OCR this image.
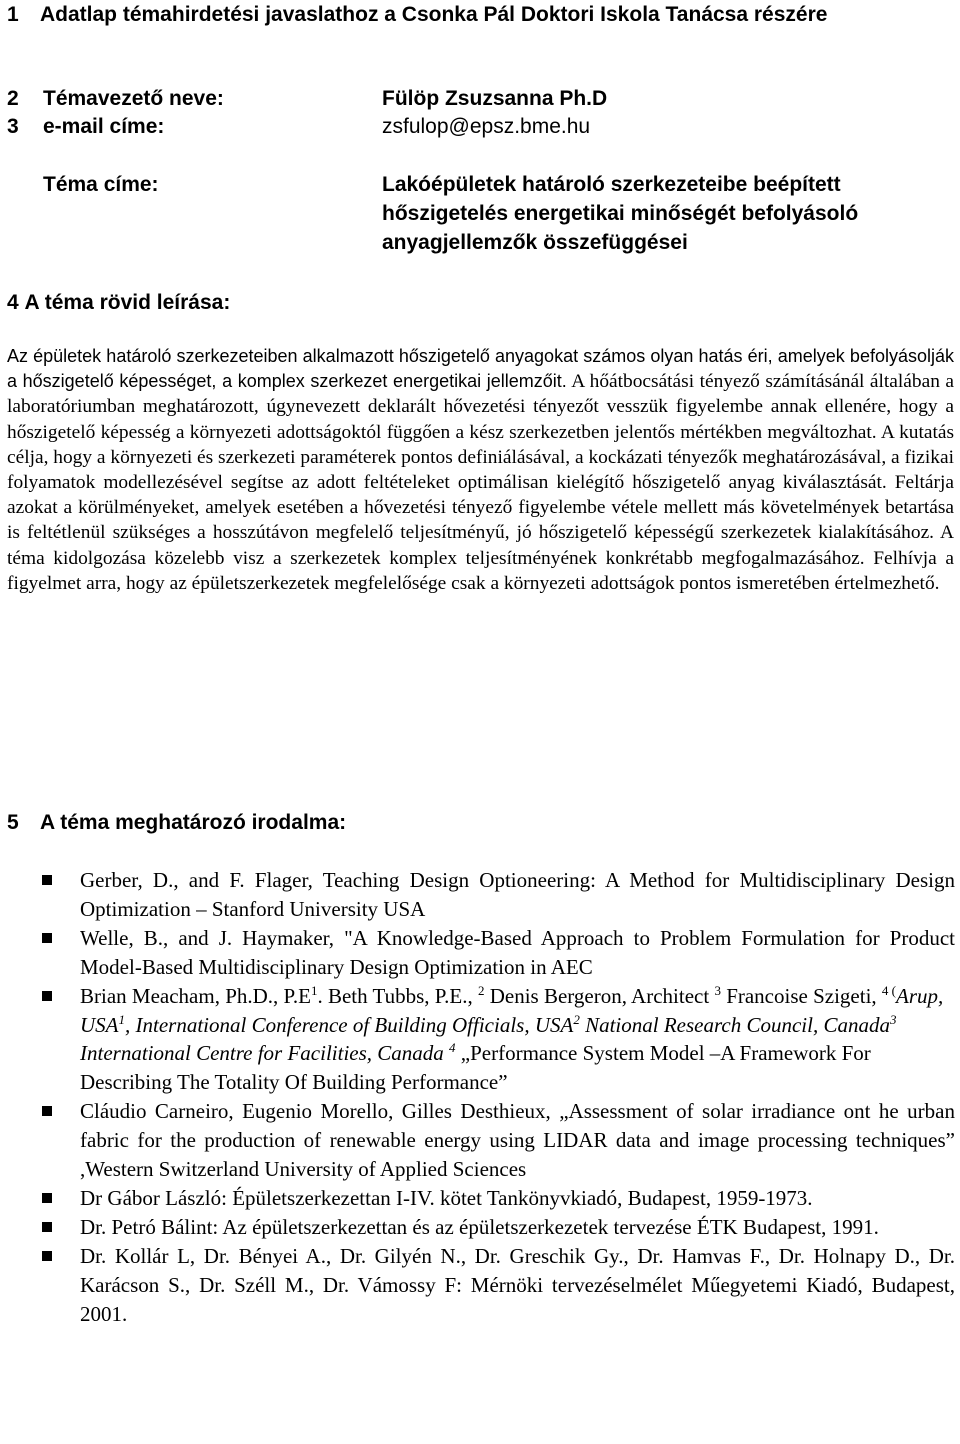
1 Adatlap témahirdetési javaslathoz a Csonka Pál Doktori Iskola Tanácsa részére
2 Témavezető neve:	Fülöp Zsuzsanna Ph.D
3 e-mail címe:	zsfulop@epsz.bme.hu
Téma címe:	Lakóépületek határoló szerkezeteibe beépített
hőszigetelés energetikai minőségét befolyásoló
anyagjellemzők összefüggései
4 A téma rövid leírása:
Az épületek határoló szerkezeteiben alkalmazott hőszigetelő anyagokat számos olyan hatás éri, amelyek befolyásolják a hőszigetelő képességet, a komplex szerkezet energetikai jellemzőit. A hőátbocsátási tényező számításánál általában a laboratóriumban meghatározott, úgynevezett deklarált hővezetési tényezőt vesszük figyelembe annak ellenére, hogy a hőszigetelő képesség a környezeti adottságoktól függően a kész szerkezetben jelentős mértékben megváltozhat. A kutatás célja, hogy a környezeti és szerkezeti paraméterek pontos definiálásával, a kockázati tényezők meghatározásával, a fizikai folyamatok modellezésével segítse az adott feltételeket optimálisan kielégítő hőszigetelő anyag kiválasztását. Feltárja azokat a körülményeket, amelyek esetében a hővezetési tényező figyelembe vétele mellett más követelmények betartása is feltétlenül szükséges a hosszútávon megfelelő teljesítményű, jó hőszigetelő képességű szerkezetek kialakításához. A téma kidolgozása közelebb visz a szerkezetek komplex teljesítményének konkrétabb megfogalmazásához. Felhívja a figyelmet arra, hogy az épületszerkezetek megfelelősége csak a környezeti adottságok pontos ismeretében értelmezhető.
5 A téma meghatározó irodalma:
Gerber, D., and F. Flager, Teaching Design Optioneering: A Method for Multidisciplinary Design Optimization – Stanford University USA
Welle, B., and J. Haymaker, "A Knowledge-Based Approach to Problem Formulation for Product Model-Based Multidisciplinary Design Optimization in AEC
Brian Meacham, Ph.D., $P.E^1$. Beth Tubbs, P.E., $^2$ Denis Bergeron, Architect $^3$ Francoise Szigeti, $^{4 (}$Arup, USA$^1$, International Conference of Building Officials, USA$^2$ National Research Council, Canada$^3$ International Centre for Facilities, Canada $^4$ „Performance System Model –A Framework For Describing The Totality Of Building Performance”
Cláudio Carneiro, Eugenio Morello, Gilles Desthieux, „Assessment of solar irradiance ont he urban fabric for the production of renewable energy using LIDAR data and image processing techniques” ,Western Switzerland University of Applied Sciences
Dr Gábor László: Épületszerkezettan I-IV. kötet Tankönyvkiadó, Budapest, 1959-1973.
Dr. Petró Bálint: Az épületszerkezettan és az épületszerkezetek tervezése ÉTK Budapest, 1991.
Dr. Kollár L, Dr. Bényei A., Dr. Gilyén N., Dr. Greschik Gy., Dr. Hamvas F., Dr. Holnapy D., Dr. Karácson S., Dr. Széll M., Dr. Vámossy F: Mérnöki tervezéselmélet Műegyetemi Kiadó, Budapest, 2001.
